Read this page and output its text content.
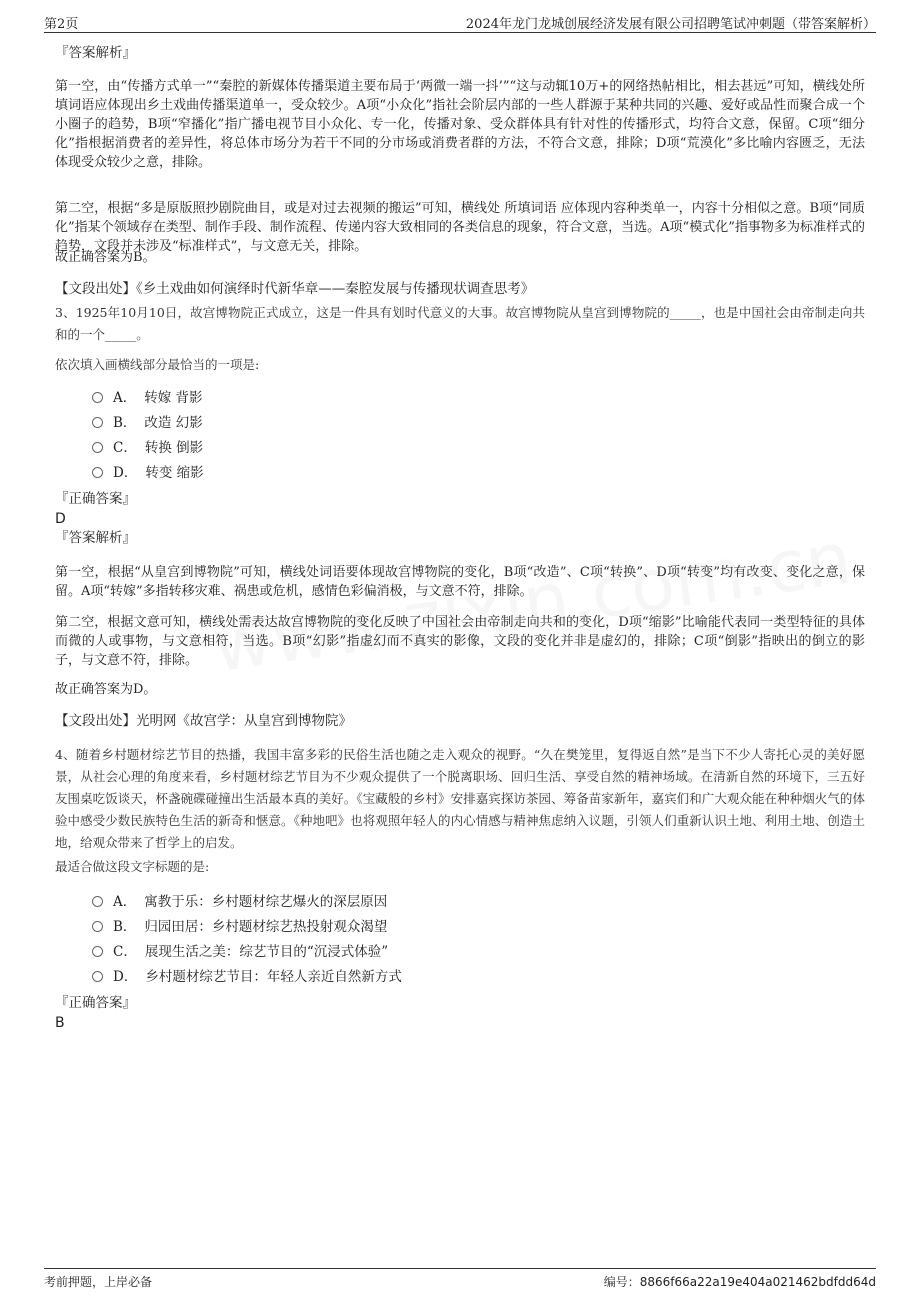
第2页	2024年龙门龙城创展经济发展有限公司招聘笔试冲刺题（带答案解析）

『答案解析』

第一空，由“传播方式单一”“秦腔的新媒体传播渠道主要布局于‘两微一端一抖’”“这与动辄10万+的网络热帖相比，相去甚远”可知，横线处所填词语应体现出乡土戏曲传播渠道单一，受众较少。A项“小众化”指社会阶层内部的一些人群源于某种共同的兴趣、爱好或品性而聚合成一个小圈子的趋势，B项“窄播化”指广播电视节目小众化、专一化，传播对象、受众群体具有针对性的传播形式，均符合文意，保留。C项“细分化”指根据消费者的差异性，将总体市场分为若干不同的分市场或消费者群的方法，不符合文意，排除；D项“荒漠化”多比喻内容匮乏，无法体现受众较少之意，排除。

第二空，根据“多是原版照抄剧院曲目，或是对过去视频的搬运”可知，横线处 所填词语 应体现内容种类单一，内容十分相似之意。B项“同质化”指某个领域存在类型、制作手段、制作流程、传递内容大致相同的各类信息的现象，符合文意，当选。A项“模式化”指事物多为标准样式的趋势，文段并未涉及“标准样式”，与文意无关，排除。

故正确答案为B。

【文段出处】《乡土戏曲如何演绎时代新华章——秦腔发展与传播现状调查思考》

3、1925年10月10日，故宫博物院正式成立，这是一件具有划时代意义的大事。故宫博物院从皇宫到博物院的_____，也是中国社会由帝制走向共和的一个_____。

依次填入画横线部分最恰当的一项是:

A． 转嫁 背影
B． 改造 幻影
C． 转换 倒影
D． 转变 缩影

『正确答案』

D

『答案解析』

第一空，根据“从皇宫到博物院”可知，横线处词语要体现故宫博物院的变化，B项“改造”、C项“转换”、D项“转变”均有改变、变化之意，保留。A项“转嫁”多指转移灾难、祸患或危机，感情色彩偏消极，与文意不符，排除。

第二空，根据文意可知，横线处需表达故宫博物院的变化反映了中国社会由帝制走向共和的变化，D项“缩影”比喻能代表同一类型特征的具体而微的人或事物，与文意相符，当选。B项“幻影”指虚幻而不真实的影像，文段的变化并非是虚幻的，排除；C项“倒影”指映出的倒立的影子，与文意不符，排除。

故正确答案为D。

【文段出处】光明网《故宫学：从皇宫到博物院》

4、随着乡村题材综艺节目的热播，我国丰富多彩的民俗生活也随之走入观众的视野。“久在樊笼里，复得返自然”是当下不少人寄托心灵的美好愿景，从社会心理的角度来看，乡村题材综艺节目为不少观众提供了一个脱离职场、回归生活、享受自然的精神场域。在清新自然的环境下，三五好友围桌吃饭谈天，杯盏碗碟碰撞出生活最本真的美好。《宝藏般的乡村》安排嘉宾探访茶园、筹备苗家新年，嘉宾们和广大观众能在种种烟火气的体验中感受少数民族特色生活的新奇和惬意。《种地吧》也将观照年轻人的内心情感与精神焦虑纳入议题，引领人们重新认识土地、利用土地、创造土地，给观众带来了哲学上的启发。

最适合做这段文字标题的是:

A． 寓教于乐：乡村题材综艺爆火的深层原因
B． 归园田居：乡村题材综艺热投射观众渴望
C． 展现生活之美：综艺节目的“沉浸式体验”
D． 乡村题材综艺节目：年轻人亲近自然新方式

『正确答案』

B

考前押题，上岸必备	编号：8866f66a22a19e404a021462bdfdd64d
